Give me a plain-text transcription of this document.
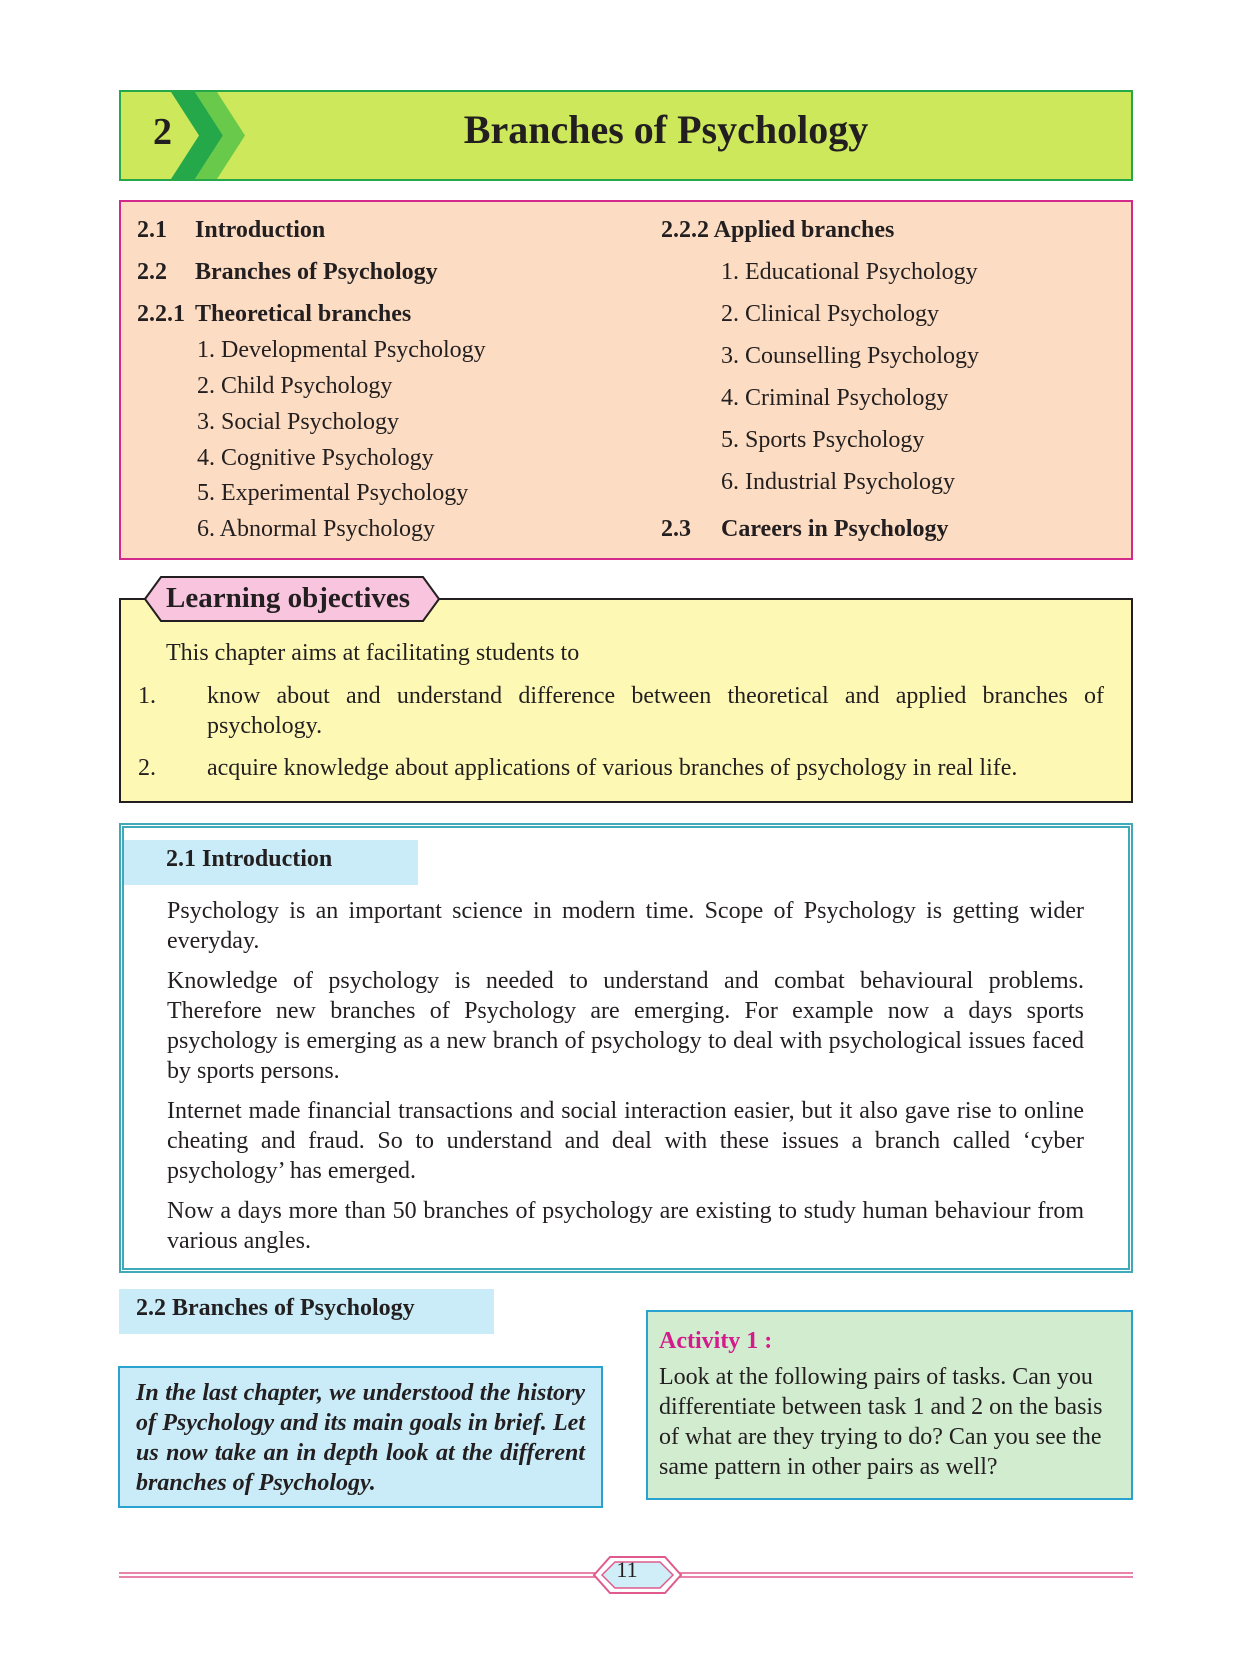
2	Branches of Psychology
2.1 Introduction
2.2 Branches of Psychology
2.2.1 Theoretical branches
1. Developmental Psychology
2. Child Psychology
3. Social Psychology
4. Cognitive Psychology
5. Experimental Psychology
6. Abnormal Psychology
2.2.2 Applied branches
1. Educational Psychology
2. Clinical Psychology
3. Counselling Psychology
4. Criminal Psychology
5. Sports Psychology
6. Industrial Psychology
2.3 Careers in Psychology
Learning objectives
This chapter aims at facilitating students to
1. know about and understand difference between theoretical and applied branches of
psychology.
2. acquire knowledge about applications of various branches of psychology in real life.
2.1 Introduction
Psychology is an important science in modern time. Scope of Psychology is getting wider everyday.
Knowledge of psychology is needed to understand and combat behavioural problems. Therefore new branches of Psychology are emerging. For example now a days sports psychology is emerging as a new branch of psychology to deal with psychological issues faced by sports persons.
Internet made financial transactions and social interaction easier, but it also gave rise to online cheating and fraud. So to understand and deal with these issues a branch called ‘cyber psychology’ has emerged.
Now a days more than 50 branches of psychology are existing to study human behaviour from various angles.
2.2 Branches of Psychology
In the last chapter, we understood the history of Psychology and its main goals in brief. Let us now take an in depth look at the different branches of Psychology.
Activity 1 :
Look at the following pairs of tasks. Can you differentiate between task 1 and 2 on the basis of what are they trying to do? Can you see the same pattern in other pairs as well?
11
